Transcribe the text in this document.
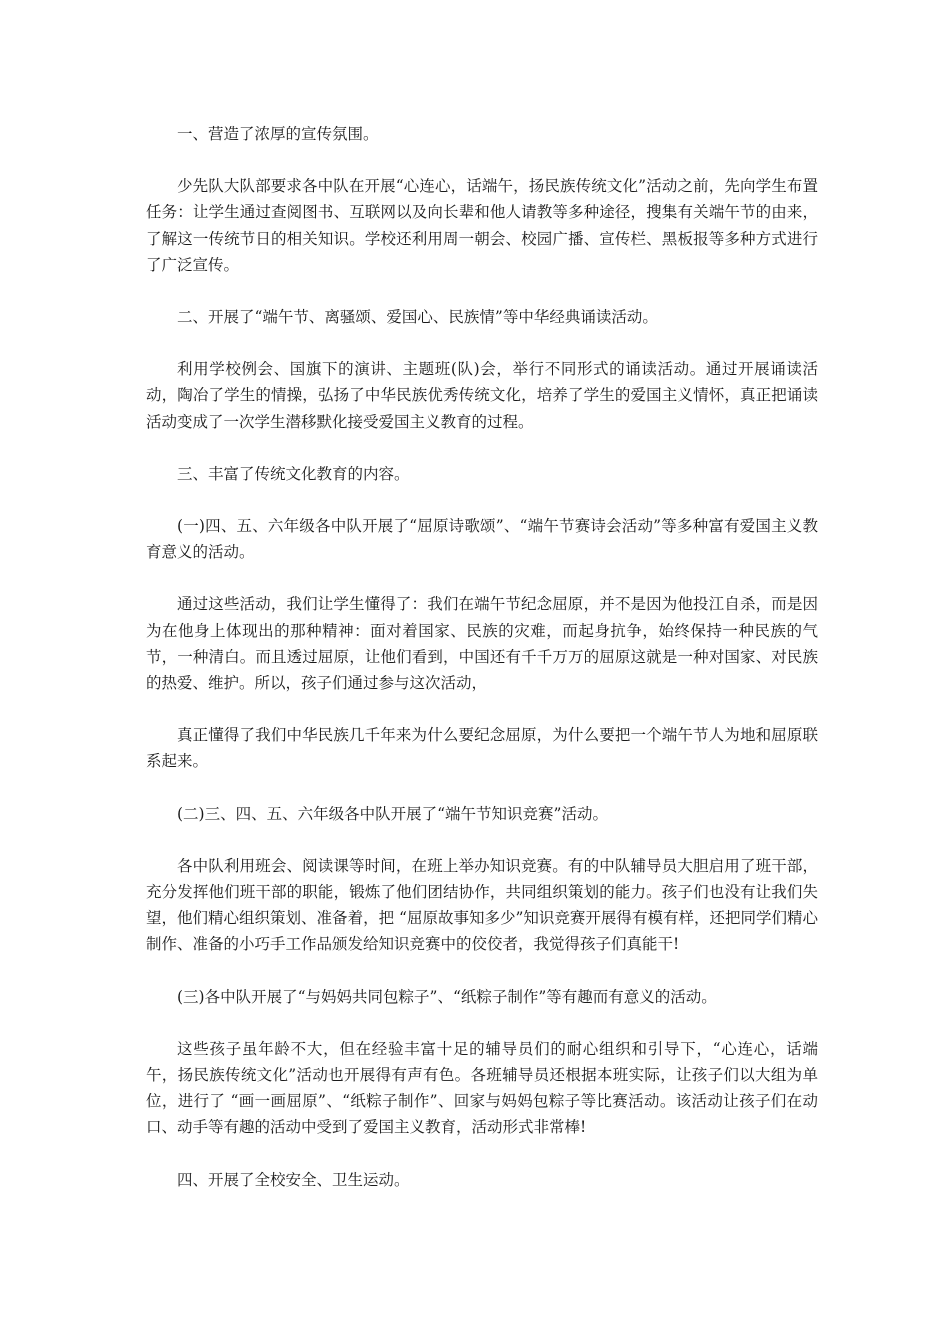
一、营造了浓厚的宣传氛围。

少先队大队部要求各中队在开展“心连心，话端午，扬民族传统文化”活动之前，先向学生布置任务：让学生通过查阅图书、互联网以及向长辈和他人请教等多种途径，搜集有关端午节的由来，了解这一传统节日的相关知识。学校还利用周一朝会、校园广播、宣传栏、黑板报等多种方式进行了广泛宣传。

二、开展了“端午节、离骚颂、爱国心、民族情”等中华经典诵读活动。

利用学校例会、国旗下的演讲、主题班(队)会，举行不同形式的诵读活动。通过开展诵读活动，陶冶了学生的情操，弘扬了中华民族优秀传统文化，培养了学生的爱国主义情怀，真正把诵读活动变成了一次学生潜移默化接受爱国主义教育的过程。

三、丰富了传统文化教育的内容。

(一)四、五、六年级各中队开展了“屈原诗歌颂”、“端午节赛诗会活动”等多种富有爱国主义教育意义的活动。

通过这些活动，我们让学生懂得了：我们在端午节纪念屈原，并不是因为他投江自杀，而是因为在他身上体现出的那种精神：面对着国家、民族的灾难，而起身抗争，始终保持一种民族的气节，一种清白。而且透过屈原，让他们看到，中国还有千千万万的屈原这就是一种对国家、对民族的热爱、维护。所以，孩子们通过参与这次活动，

真正懂得了我们中华民族几千年来为什么要纪念屈原，为什么要把一个端午节人为地和屈原联系起来。

(二)三、四、五、六年级各中队开展了“端午节知识竞赛”活动。

各中队利用班会、阅读课等时间，在班上举办知识竞赛。有的中队辅导员大胆启用了班干部，充分发挥他们班干部的职能，锻炼了他们团结协作，共同组织策划的能力。孩子们也没有让我们失望，他们精心组织策划、准备着，把 “屈原故事知多少”知识竞赛开展得有模有样，还把同学们精心制作、准备的小巧手工作品颁发给知识竞赛中的佼佼者，我觉得孩子们真能干!

(三)各中队开展了“与妈妈共同包粽子”、“纸粽子制作”等有趣而有意义的活动。

这些孩子虽年龄不大，但在经验丰富十足的辅导员们的耐心组织和引导下，“心连心，话端午，扬民族传统文化”活动也开展得有声有色。各班辅导员还根据本班实际，让孩子们以大组为单位，进行了 “画一画屈原”、“纸粽子制作”、回家与妈妈包粽子等比赛活动。该活动让孩子们在动口、动手等有趣的活动中受到了爱国主义教育，活动形式非常棒!

四、开展了全校安全、卫生运动。
